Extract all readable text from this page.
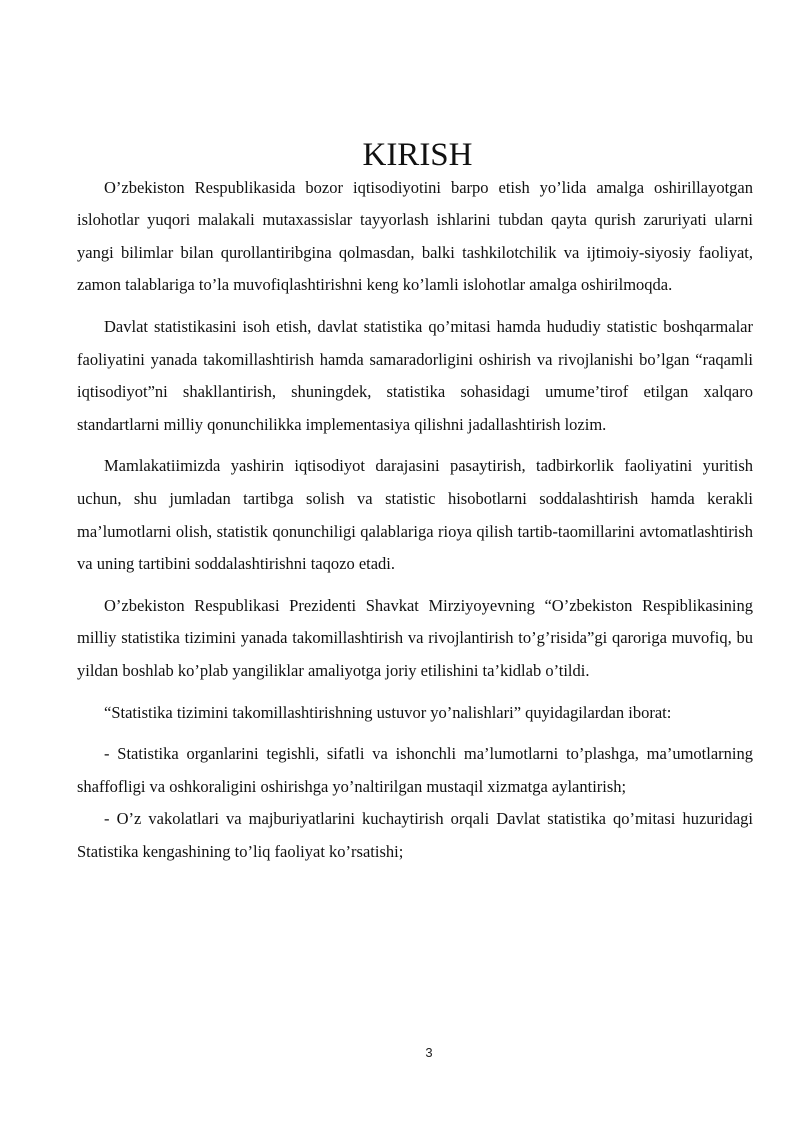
KIRISH

O’zbekiston Respublikasida bozor iqtisodiyotini barpo etish yo’lida amalga oshirillayotgan islohotlar yuqori malakali mutaxassislar tayyorlash ishlarini tubdan qayta qurish zaruriyati ularni yangi bilimlar bilan qurollantiribgina qolmasdan, balki tashkilotchilik va ijtimoiy-siyosiy faoliyat, zamon talablariga to’la muvofiqlashtirishni keng ko’lamli islohotlar amalga oshirilmoqda.

Davlat statistikasini isoh etish, davlat statistika qo’mitasi hamda hududiy statistic boshqarmalar faoliyatini yanada takomillashtirish hamda samaradorligini oshirish va rivojlanishi bo’lgan “raqamli iqtisodiyot”ni shakllantirish, shuningdek, statistika sohasidagi umume’tirof etilgan xalqaro standartlarni milliy qonunchilikka implementasiya qilishni jadallashtirish lozim.

Mamlakatiimizda yashirin iqtisodiyot darajasini pasaytirish, tadbirkorlik faoliyatini yuritish uchun, shu jumladan tartibga solish va statistic hisobotlarni soddalashtirish hamda kerakli ma’lumotlarni olish, statistik qonunchiligi qalablariga rioya qilish tartib-taomillarini avtomatlashtirish va uning tartibini soddalashtirishni taqozo etadi.

O’zbekiston Respublikasi Prezidenti Shavkat Mirziyoyevning “O’zbekiston Respiblikasining milliy statistika tizimini yanada takomillashtirish va rivojlantirish to’g’risida”gi qaroriga muvofiq, bu yildan boshlab ko’plab yangiliklar amaliyotga joriy etilishini ta’kidlab o’tildi.

“Statistika tizimini takomillashtirishning ustuvor yo’nalishlari” quyidagilardan iborat:

- Statistika organlarini tegishli, sifatli va ishonchli ma’lumotlarni to’plashga, ma’umotlarning shaffofligi va oshkoraligini oshirishga yo’naltirilgan mustaqil xizmatga aylantirish;

- O’z vakolatlari va majburiyatlarini kuchaytirish orqali Davlat statistika qo’mitasi huzuridagi Statistika kengashining to’liq faoliyat ko’rsatishi;

3
